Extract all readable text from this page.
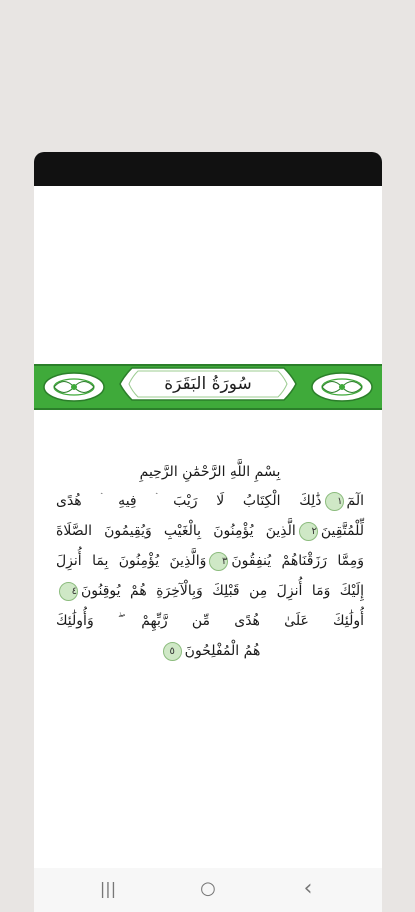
سُورَةُ البَقَرَة
بِسْمِ اللَّهِ الرَّحْمَٰنِ الرَّحِيمِ
الٓمٓ١ذَٰلِكَ الْكِتَابُ لَا رَيْبَ ۛ فِيهِ ۛ هُدًى
لِّلْمُتَّقِينَ٢الَّذِينَ يُؤْمِنُونَ بِالْغَيْبِ وَيُقِيمُونَ الصَّلَاةَ
وَمِمَّا رَزَقْنَاهُمْ يُنفِقُونَ٣وَالَّذِينَ يُؤْمِنُونَ بِمَا أُنزِلَ
إِلَيْكَ وَمَا أُنزِلَ مِن قَبْلِكَ وَبِالْآخِرَةِ هُمْ يُوقِنُونَ٤
أُولَٰئِكَ عَلَىٰ هُدًى مِّن رَّبِّهِمْ ۖ وَأُولَٰئِكَ
هُمُ الْمُفْلِحُونَ٥
|||	○	‹
